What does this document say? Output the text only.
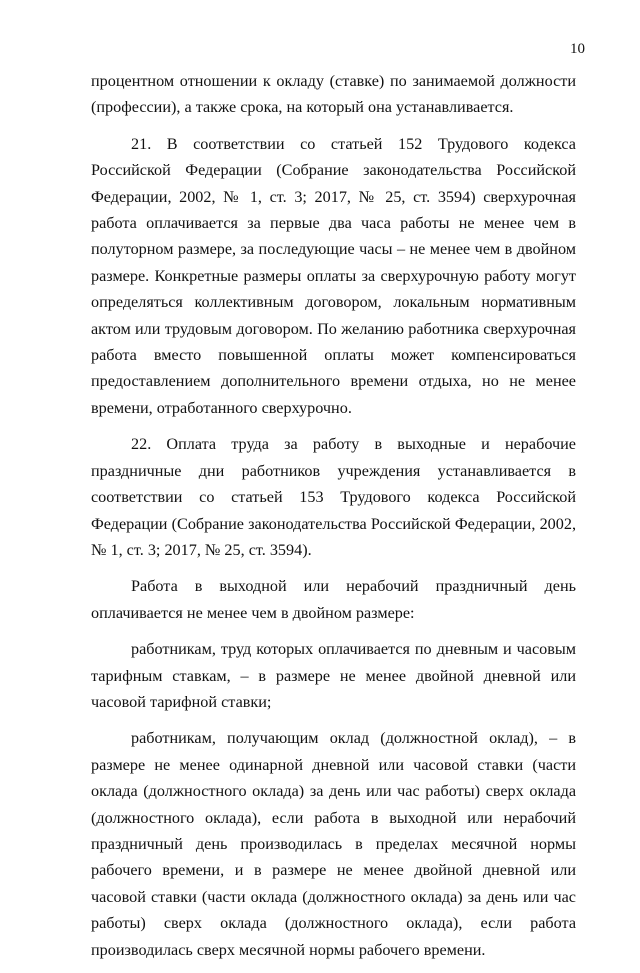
10

процентном отношении к окладу (ставке) по занимаемой должности (профессии), а также срока, на который она устанавливается.

21. В соответствии со статьей 152 Трудового кодекса Российской Федерации (Собрание законодательства Российской Федерации, 2002, № 1, ст. 3; 2017, № 25, ст. 3594) сверхурочная работа оплачивается за первые два часа работы не менее чем в полуторном размере, за последующие часы – не менее чем в двойном размере. Конкретные размеры оплаты за сверхурочную работу могут определяться коллективным договором, локальным нормативным актом или трудовым договором. По желанию работника сверхурочная работа вместо повышенной оплаты может компенсироваться предоставлением дополнительного времени отдыха, но не менее времени, отработанного сверхурочно.

22. Оплата труда за работу в выходные и нерабочие праздничные дни работников учреждения устанавливается в соответствии со статьей 153 Трудового кодекса Российской Федерации (Собрание законодательства Российской Федерации, 2002, № 1, ст. 3; 2017, № 25, ст. 3594).

Работа в выходной или нерабочий праздничный день оплачивается не менее чем в двойном размере:

работникам, труд которых оплачивается по дневным и часовым тарифным ставкам, – в размере не менее двойной дневной или часовой тарифной ставки;

работникам, получающим оклад (должностной оклад), – в размере не менее одинарной дневной или часовой ставки (части оклада (должностного оклада) за день или час работы) сверх оклада (должностного оклада), если работа в выходной или нерабочий праздничный день производилась в пределах месячной нормы рабочего времени, и в размере не менее двойной дневной или часовой ставки (части оклада (должностного оклада) за день или час работы) сверх оклада (должностного оклада), если работа производилась сверх месячной нормы рабочего времени.
